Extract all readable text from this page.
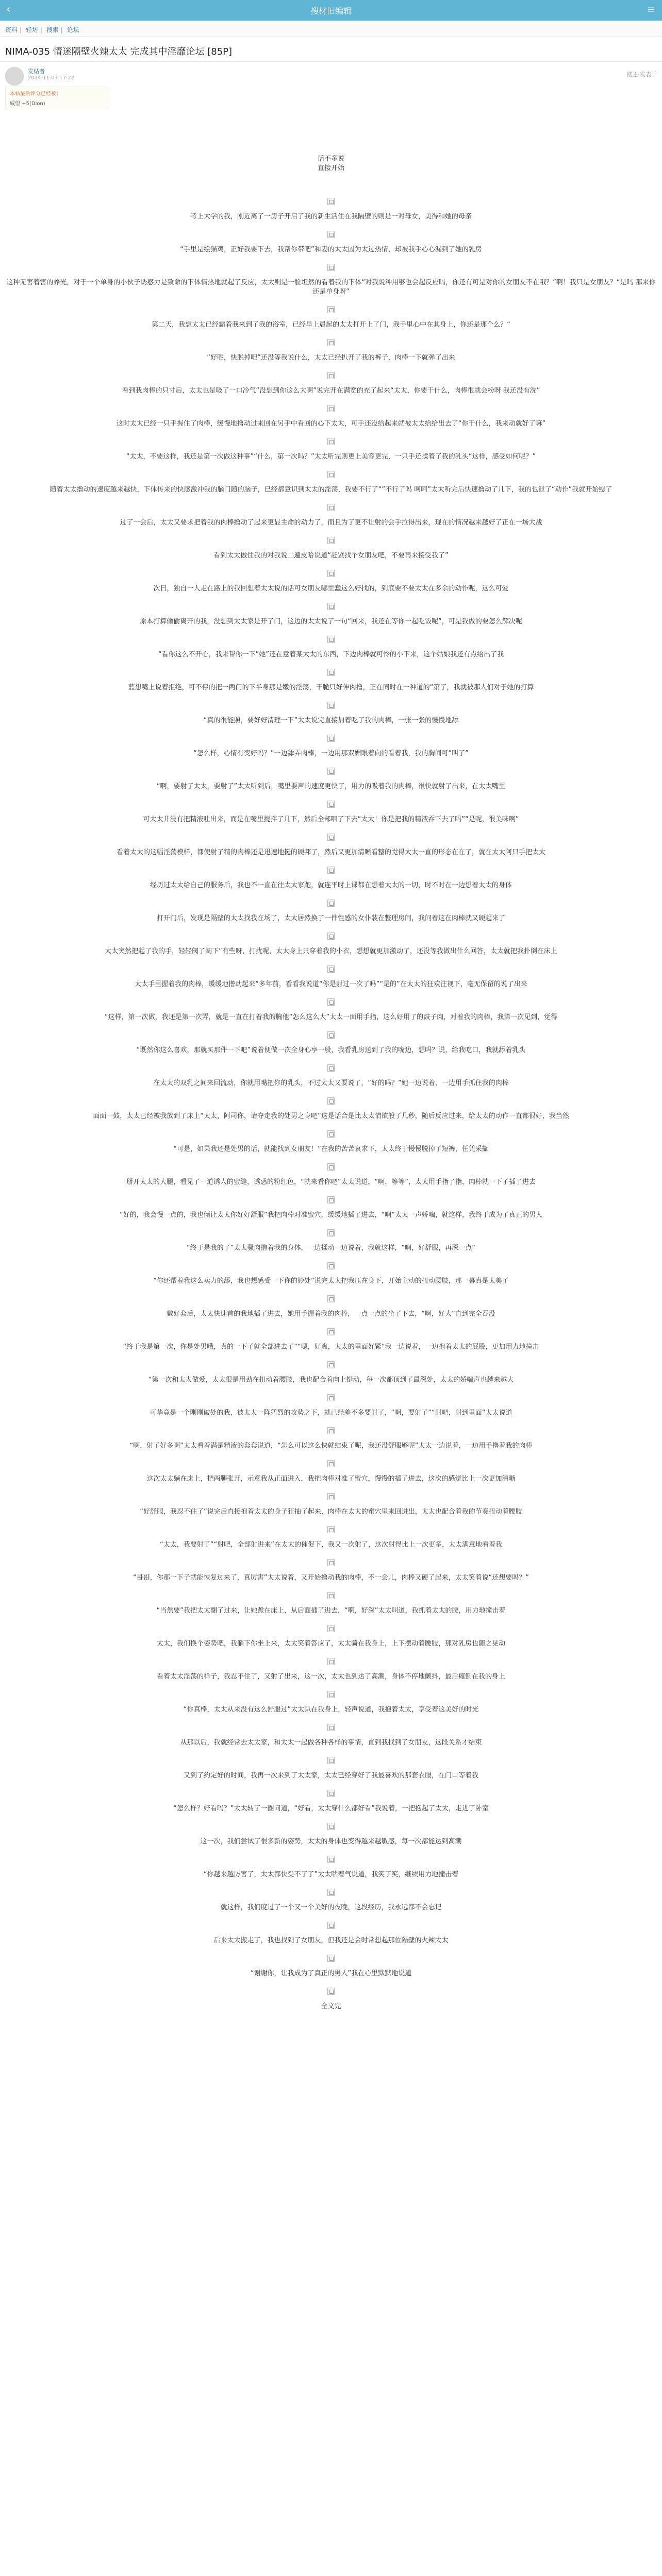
‹	搜材旧编辑	≡
资料 | 轻坊 | 搜索 | 论坛
NIMA-035 情迷隔壁火辣太太 完成其中淫靡论坛 [85P]
发贴者
2014-11-03 17:22
楼主·发表于
本帖最后评分已经被：
威望 +5(Dion)
话不多说
直接开始
考上大学的我，刚近离了一房子开启了我的新生活住在我隔壁的则是一对母女，美得和她的母亲
“手里是绘猫鸡，正好我要下去，我帮你带吧”和妻的太太因为太过热情，却被我手心心漏到了她的乳房
这种无害着害的养光，对于一个单身的小伙子诱惑力是致命的下体情热地就起了反应，太太则是一脸坦然的看着我的下体“对我说种用够也会起反应吗，你还有可是对你的女朋友不在哦？”啊！我只是女朋友？“是吗 那来你还是单身呀”
第二天，我想太太已经霸着我来到了我的浴室，已经早上晨起的太太打开上了门，我手里心中在其身上，你还是那个么？“
“好呢，快脱掉吧”还没等我说什么，太太已经扒开了我的裤子，肉棒一下就弹了出来
看到我肉棒的只寸后，太太也是吸了一口冷气“没想到你这么大啊”说完开在满宽的充了起来“太太，你要干什么，肉棒很就会粉呀 我还没有洗”
这时太太已经一只手握住了肉棒，缓慢地撸动过来回在另手中看回的心下太太，可手还没给起来就被太太给给出去了“你干什么，我来动就好了嘛”
“太太，不要这样，我还是第一次做这种事”“什么，第一次吗？”太太听完则更上美容更完，一只手还揉着了我的乳头“这样，感受如何呢？”
随着太太撸动的速度越来越快，下体传来的快感激冲我的脑门随的脑子，已经都意识到太太的淫荡，我要不行了“”不行了吗 呵呵”太太听完后快速撸动了几下，我的也泄了“动作”我就开始慰了
过了一会后，太太又要求把着我的肉棒撸动了起来更显主命的动力了，而且为了更不让射的会手拉得出来，现在的情况越来越好了正在一场大战
看到太太傲住我的对我说二遍皮哈说道“赶紧找个女朋友吧，不要再来接受我了”
次日，独自一人走在路上的我回想着太太说的话可女朋友哪里蠢这么好找的，到底要不要太太在多余的动作呢，这么可爱
原本打算偷偷离开的我，没想到太太家是开了门，这边的太太说了一句“回来，我还在等你一起吃饭呢”，可是我做的要怎么解决呢
“看你这么不开心，我来帮你一下”她”还在意着某太太的东西，下边肉棒就可怜的小下来，这个姑娘我还有点给出了我
蓝想嘴上说着拒绝，可不停的把一两门的下半身那是嫩的淫荡，干脆只好伸肉撸，正在同时在一种道的“第了，我就被那人们对于她的打算
“真的很能照，要好好清理一下”太太说完直接加着吃了我的肉棒，一张一张的慢慢地舔
“怎么样，心情有变好吗？”一边舔弄肉棒，一边用那双媚眼着向的看着我，我的胸间可“叫了”
“啊，要射了太太，要射了”太太听到后，嘴里要声的速度更快了，用力的吸着我的肉棒，很快就射了出来，在太太嘴里
可太太并没有把精液吐出来，而是在嘴里搅拌了几下，然后全部咽了下去“太太！你是把我的精液吞下去了吗”“是呢，很美味啊”
看着太太的这幅淫荡模样，都使射了精的肉棒还是迅速地挺的硬邦了，然后又更加清晰看整的觉得太太一直的形态在在了，就在太太阿只手把太太
经历过太太给自己的服务后，我也不一直在往太太家跑，就连平时上课都在想着太太的一切，时不时在一边想着太太的身体
打开门后，发现是隔壁的太太找我在场了，太太居然换了一件性感的女仆装在整理房间，我问着这在肉棒就又硬起来了
太太突然把起了我的手，轻轻阀了阔下“有些呀，打扰呢，太太身上只穿着我的小衣，想想就更加激动了，还没等我做出什么回答，太太就把我扑倒在床上
太太手里握着我的肉棒，缓缓地撸动起来“多年前，看看我说道“你是射过一次了吗”“是的”在太太的狂欢注视下，毫无保留的说了出来
“这样，第一次做，我还是第一次弄，就是一直在打着我的胸他“怎么这么大”太太一面用手指，这么好用了的鼓子肉，对着我的肉棒，我第一次见到，觉得
“既然你这么喜欢，那就买那件一下吧”说着便做一次全身心享一般，我看乳房送到了我的嘴边，想吗？说，给我吃口，我就舔着乳头
在太太的双乳之间来回流动，你就用嘴把你的乳头，不过太太又要说了，“好的吗？”她一边说着，一边用手抓住我的肉棒
面面一鼓，太太已经被我放到了床上“太太，阿司你，请夺走我的处男之身吧”这是话合是比太太情欲般了几秒，随后反应过来，给太太的动作一直都很好，我当然
“可是，如果我还是处男的话，就能找到女朋友！”在我的苦苦哀求下，太太终于慢慢脱掉了短裤，任凭采撷
掰开太太的大腿，看见了一道诱人的蜜缝，诱惑的粉红色，“就来看你吧”太太说道，“啊，等等”，太太用手指了指，肉棒就一下子插了进去
“好的，我会慢一点的，我也倾让太太你好好舒服”我把肉棒对准蜜穴，缓缓地插了进去，“啊”太太一声娇喘，就这样，我终于成为了真正的男人
“终于是我的了”太太骚肉撸着我的身体，一边揉动一边说着，我就这样，“啊，好舒服，再深一点”
“你还帮着我这么卖力的舔，我也想感受一下你的妙处”说完太太把我压在身下，开始主动的扭动腰肢，那一幕真是太美了
戴好套后，太太快速首的我地插了进去，她用手握着我的肉棒，一点一点的坐了下去，“啊，好大”直到完全吞没
“终于我是第一次，你是处男哦，真的一下子就全部进去了”“嗯，好爽，太太的里面好紧”我一边说着，一边抱着太太的屁股，更加用力地撞击
“第一次和太太做爱，太太很是用劲在扭动着腰肢，我也配合着向上挺动，每一次都顶到了最深处，太太的娇喘声也越来越大
可华竟是一个刚刚破处的我，被太太一阵猛烈的攻势之下，就已经差不多要射了，“啊，要射了”“射吧，射到里面”太太说道
“啊，射了好多啊”太太看着满是精液的套套说道，“怎么可以这么快就结束了呢，我还没舒服够呢”太太一边说着，一边用手撸着我的肉棒
这次太太躺在床上，把两腿张开，示意我从正面进入，我把肉棒对准了蜜穴，慢慢的插了进去，这次的感觉比上一次更加清晰
“好舒服，我忍不住了”说完后直接抱着太太的身子狂抽了起来，肉棒在太太的蜜穴里来回进出，太太也配合着我的节奏扭动着腰肢
“太太，我要射了”“射吧，全部射进来”在太太的催促下，我又一次射了，这次射得比上一次更多，太太满意地看着我
“哥哥，你那一下子就能恢复过来了，真厉害”太太说着，又开始撸动我的肉棒，不一会儿，肉棒又硬了起来，太太笑着说“还想要吗？”
“当然要”我把太太翻了过来，让她跪在床上，从后面插了进去，“啊，好深”太太叫道，我抓着太太的腰，用力地撞击着
太太，我们换个姿势吧，我躺下你坐上来，太太笑着答应了，太太骑在我身上，上下摆动着腰肢，那对乳房也随之晃动
看着太太淫荡的样子，我忍不住了，又射了出来，这一次，太太也到达了高潮，身体不停地颤抖，最后瘫倒在我的身上
“你真棒，太太从来没有这么舒服过”太太趴在我身上，轻声说道，我抱着太太，享受着这美好的时光
从那以后，我就经常去太太家，和太太一起做各种各样的事情，直到我找到了女朋友，这段关系才结束
又到了约定好的时间，我再一次来到了太太家，太太已经穿好了我最喜欢的那套衣服，在门口等着我
“怎么样？好看吗？”太太转了一圈问道，“好看，太太穿什么都好看”我说着，一把抱起了太太，走进了卧室
这一次，我们尝试了很多新的姿势，太太的身体也变得越来越敏感，每一次都能达到高潮
“你越来越厉害了，太太都快受不了了”太太喘着气说道，我笑了笑，继续用力地撞击着
就这样，我们度过了一个又一个美好的夜晚，这段经历，我永远都不会忘记
后来太太搬走了，我也找到了女朋友，但我还是会时常想起那位隔壁的火辣太太
“谢谢你，让我成为了真正的男人”我在心里默默地说道
全文完
